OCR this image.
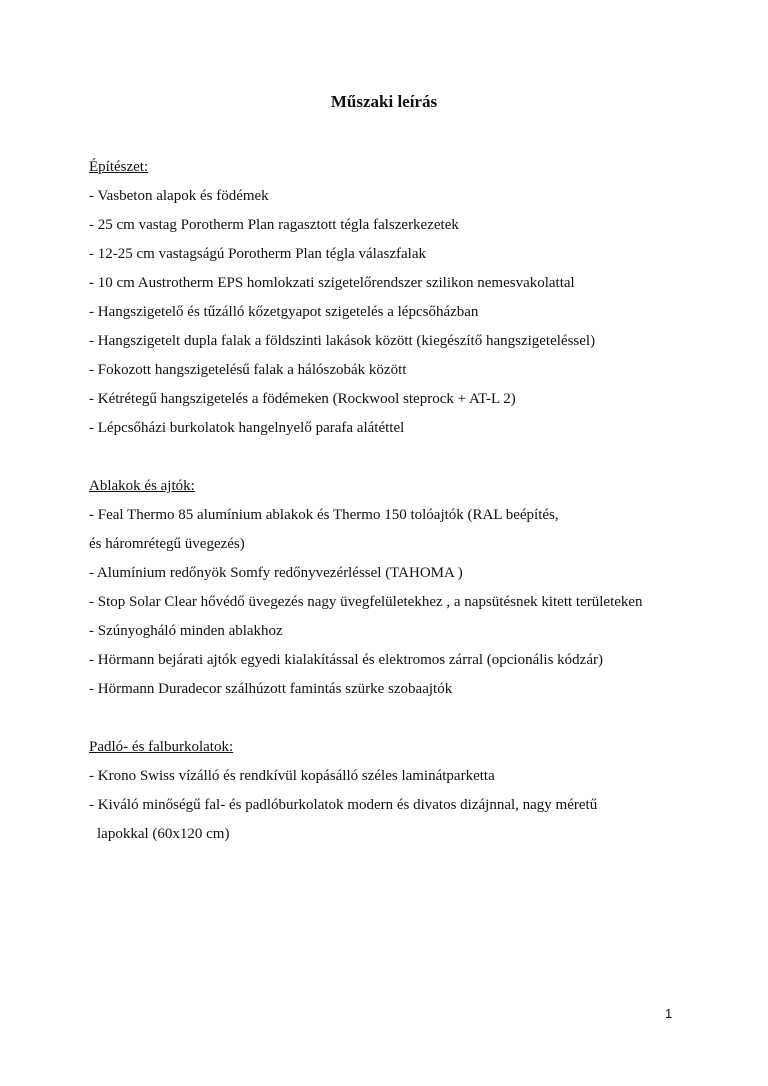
Műszaki leírás
Építészet:
- Vasbeton alapok és födémek
- 25 cm vastag Porotherm Plan ragasztott tégla falszerkezetek
- 12-25 cm vastagságú Porotherm Plan tégla válaszfalak
- 10 cm Austrotherm EPS homlokzati szigetelőrendszer szilikon nemesvakolattal
- Hangszigetelő és tűzálló kőzetgyapot szigetelés a lépcsőházban
- Hangszigetelt dupla falak a földszinti lakások között (kiegészítő hangszigeteléssel)
- Fokozott hangszigetelésű falak a hálószobák között
- Kétrétegű hangszigetelés a födémeken (Rockwool steprock + AT-L 2)
- Lépcsőházi burkolatok hangelnyelő parafa alátéttel
Ablakok és ajtók:
- Feal Thermo 85 alumínium ablakok és Thermo 150 tolóajtók (RAL beépítés,
és háromrétegű üvegezés)
- Alumínium redőnyök Somfy redőnyvezérléssel (TAHOMA )
- Stop Solar Clear hővédő üvegezés nagy üvegfelületekhez , a napsütésnek kitett területeken
- Szúnyogháló minden ablakhoz
- Hörmann bejárati ajtók egyedi kialakítással és elektromos zárral (opcionális kódzár)
- Hörmann Duradecor szálhúzott famintás szürke szobaajtók
Padló- és falburkolatok:
- Krono Swiss vízálló és rendkívül kopásálló széles laminátparketta
- Kiváló minőségű fal- és padlóburkolatok modern és divatos dizájnnal, nagy méretű
lapokkal (60x120 cm)
1
